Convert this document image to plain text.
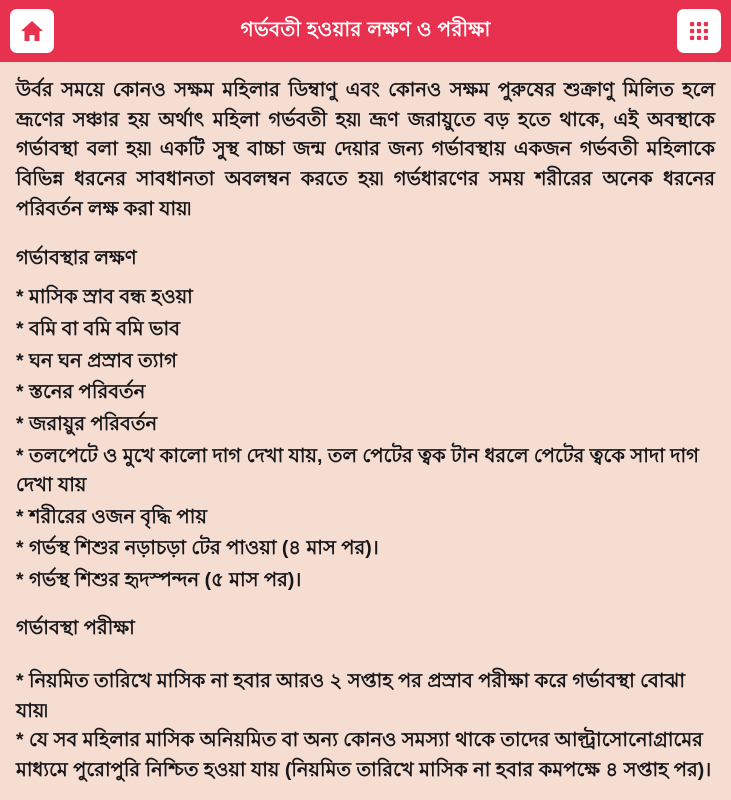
গর্ভবতী হওয়ার লক্ষণ ও পরীক্ষা

উর্বর সময়ে কোনও সক্ষম মহিলার ডিম্বাণু এবং কোনও সক্ষম পুরুষের শুক্রাণু মিলিত হলে ভ্রূণের সঞ্চার হয় অর্থাৎ মহিলা গর্ভবতী হয়৷ ভ্রূণ জরায়ুতে বড় হতে থাকে, এই অবস্থাকে গর্ভাবস্থা বলা হয়৷ একটি সুস্থ বাচ্চা জন্ম দেয়ার জন্য গর্ভাবস্থায় একজন গর্ভবতী মহিলাকে বিভিন্ন ধরনের সাবধানতা অবলম্বন করতে হয়৷ গর্ভধারণের সময় শরীরের অনেক ধরনের পরিবর্তন লক্ষ করা যায়৷

গর্ভাবস্থার লক্ষণ
* মাসিক স্রাব বন্ধ হওয়া
* বমি বা বমি বমি ভাব
* ঘন ঘন প্রস্রাব ত্যাগ
* স্তনের পরিবর্তন
* জরায়ুর পরিবর্তন
* তলপেটে ও মুখে কালো দাগ দেখা যায়, তল পেটের ত্বক টান ধরলে পেটের ত্বকে সাদা দাগ দেখা যায়
* শরীরের ওজন বৃদ্ধি পায়
* গর্ভস্থ শিশুর নড়াচড়া টের পাওয়া (৪ মাস পর)।
* গর্ভস্থ শিশুর হৃদস্পন্দন (৫ মাস পর)।
গর্ভাবস্থা পরীক্ষা
* নিয়মিত তারিখে মাসিক না হবার আরও ২ সপ্তাহ পর প্রস্রাব পরীক্ষা করে গর্ভাবস্থা বোঝা যায়৷
* যে সব মহিলার মাসিক অনিয়মিত বা অন্য কোনও সমস্যা থাকে তাদের আল্ট্রাসোনোগ্রামের মাধ্যমে পুরোপুরি নিশ্চিত হওয়া যায় (নিয়মিত তারিখে মাসিক না হবার কমপক্ষে ৪ সপ্তাহ পর)।
